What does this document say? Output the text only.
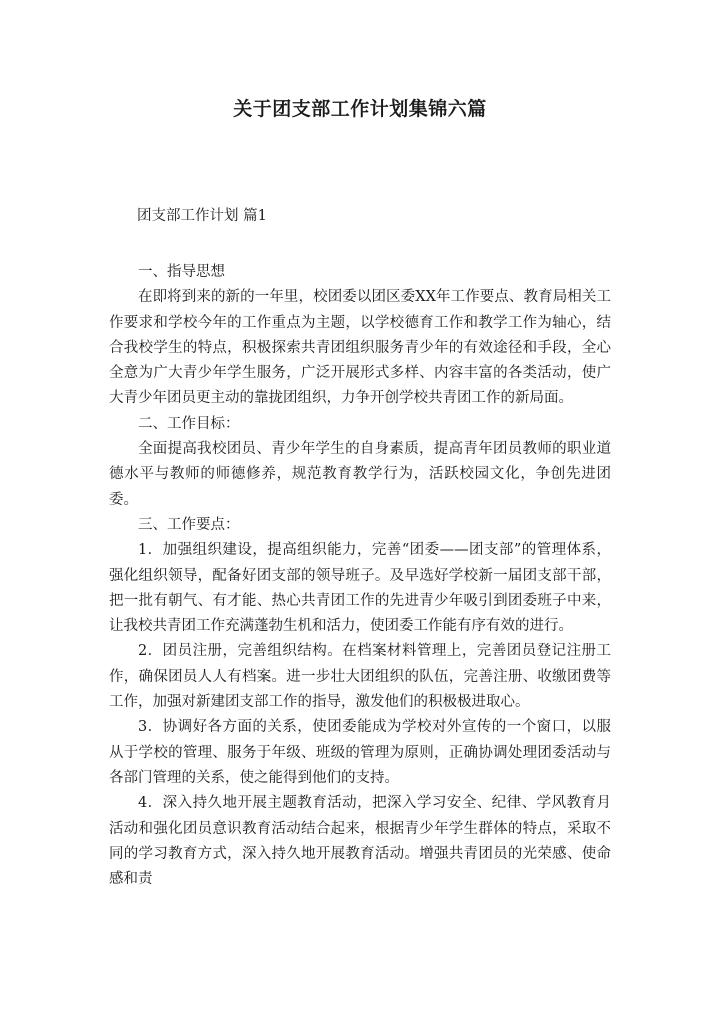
关于团支部工作计划集锦六篇
团支部工作计划 篇1

一、指导思想

在即将到来的新的一年里，校团委以团区委XX年工作要点、教育局相关工作要求和学校今年的工作重点为主题，以学校德育工作和教学工作为轴心，结合我校学生的特点，积极探索共青团组织服务青少年的有效途径和手段，全心全意为广大青少年学生服务，广泛开展形式多样、内容丰富的各类活动，使广大青少年团员更主动的靠拢团组织，力争开创学校共青团工作的新局面。

二、工作目标：

全面提高我校团员、青少年学生的自身素质，提高青年团员教师的职业道德水平与教师的师德修养，规范教育教学行为，活跃校园文化，争创先进团委。

三、工作要点：

1．加强组织建设，提高组织能力，完善“团委——团支部”的管理体系，强化组织领导，配备好团支部的领导班子。及早选好学校新一届团支部干部，把一批有朝气、有才能、热心共青团工作的先进青少年吸引到团委班子中来，让我校共青团工作充满蓬勃生机和活力，使团委工作能有序有效的进行。

2．团员注册，完善组织结构。在档案材料管理上，完善团员登记注册工作，确保团员人人有档案。进一步壮大团组织的队伍，完善注册、收缴团费等工作，加强对新建团支部工作的指导，激发他们的积极极进取心。

3．协调好各方面的关系，使团委能成为学校对外宣传的一个窗口，以服从于学校的管理、服务于年级、班级的管理为原则，正确协调处理团委活动与各部门管理的关系，使之能得到他们的支持。

4．深入持久地开展主题教育活动，把深入学习安全、纪律、学风教育月活动和强化团员意识教育活动结合起来，根据青少年学生群体的特点，采取不同的学习教育方式，深入持久地开展教育活动。增强共青团员的光荣感、使命感和责
